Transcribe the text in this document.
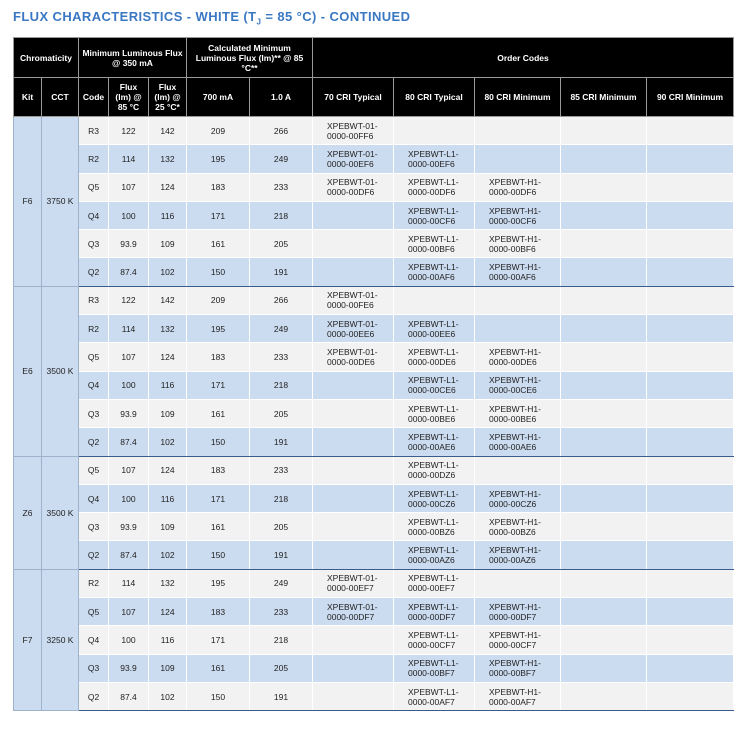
FLUX CHARACTERISTICS - WHITE ($T_J = 85$ °C) - CONTINUED
Chromaticity		Minimum Luminous Flux @ 350 mA			Calculated Minimum Luminous Flux (lm)** @ 85 °C**		Order Codes				
Kit	CCT	Code	Flux (lm) @ 85 °C	Flux (lm) @ 25 °C*	700 mA	1.0 A	70 CRI Typical	80 CRI Typical	80 CRI Minimum	85 CRI Minimum	90 CRI Minimum
F6	3750 K	R3	122	142	209	266	XPEBWT-01-0000-00FF6				
		R2	114	132	195	249	XPEBWT-01-0000-00EF6	XPEBWT-L1-0000-00EF6			
		Q5	107	124	183	233	XPEBWT-01-0000-00DF6	XPEBWT-L1-0000-00DF6	XPEBWT-H1-0000-00DF6		
		Q4	100	116	171	218		XPEBWT-L1-0000-00CF6	XPEBWT-H1-0000-00CF6		
		Q3	93.9	109	161	205		XPEBWT-L1-0000-00BF6	XPEBWT-H1-0000-00BF6		
		Q2	87.4	102	150	191		XPEBWT-L1-0000-00AF6	XPEBWT-H1-0000-00AF6		
E6	3500 K	R3	122	142	209	266	XPEBWT-01-0000-00FE6				
		R2	114	132	195	249	XPEBWT-01-0000-00EE6	XPEBWT-L1-0000-00EE6			
		Q5	107	124	183	233	XPEBWT-01-0000-00DE6	XPEBWT-L1-0000-00DE6	XPEBWT-H1-0000-00DE6		
		Q4	100	116	171	218		XPEBWT-L1-0000-00CE6	XPEBWT-H1-0000-00CE6		
		Q3	93.9	109	161	205		XPEBWT-L1-0000-00BE6	XPEBWT-H1-0000-00BE6		
		Q2	87.4	102	150	191		XPEBWT-L1-0000-00AE6	XPEBWT-H1-0000-00AE6		
Z6	3500 K	Q5	107	124	183	233		XPEBWT-L1-0000-00DZ6			
		Q4	100	116	171	218		XPEBWT-L1-0000-00CZ6	XPEBWT-H1-0000-00CZ6		
		Q3	93.9	109	161	205		XPEBWT-L1-0000-00BZ6	XPEBWT-H1-0000-00BZ6		
		Q2	87.4	102	150	191		XPEBWT-L1-0000-00AZ6	XPEBWT-H1-0000-00AZ6		
F7	3250 K	R2	114	132	195	249	XPEBWT-01-0000-00EF7	XPEBWT-L1-0000-00EF7			
		Q5	107	124	183	233	XPEBWT-01-0000-00DF7	XPEBWT-L1-0000-00DF7	XPEBWT-H1-0000-00DF7		
		Q4	100	116	171	218		XPEBWT-L1-0000-00CF7	XPEBWT-H1-0000-00CF7		
		Q3	93.9	109	161	205		XPEBWT-L1-0000-00BF7	XPEBWT-H1-0000-00BF7		
		Q2	87.4	102	150	191		XPEBWT-L1-0000-00AF7	XPEBWT-H1-0000-00AF7		
